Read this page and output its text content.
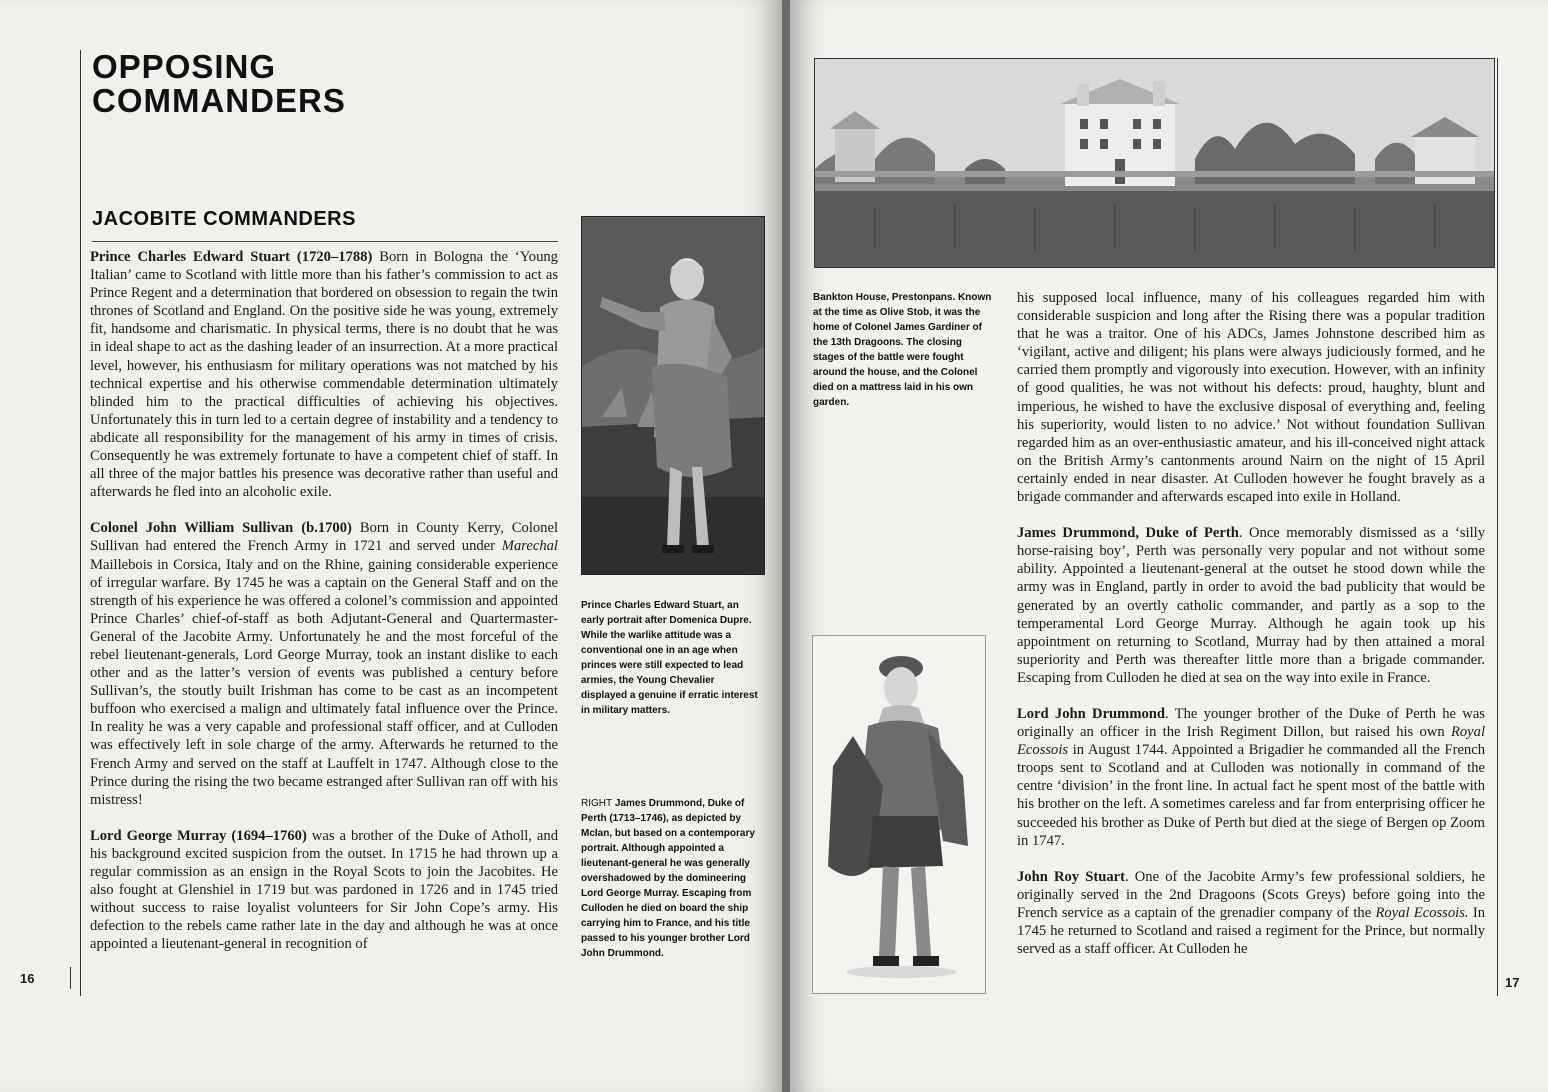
OPPOSING
COMMANDERS
JACOBITE COMMANDERS

Prince Charles Edward Stuart (1720–1788) Born in Bologna the ‘Young Italian’ came to Scotland with little more than his father’s commission to act as Prince Regent and a determination that bordered on obsession to regain the twin thrones of Scotland and England. On the positive side he was young, extremely fit, handsome and charismatic. In physical terms, there is no doubt that he was in ideal shape to act as the dashing leader of an insurrection. At a more practical level, however, his enthusiasm for military operations was not matched by his technical expertise and his otherwise commendable determination ultimately blinded him to the practical difficulties of achieving his objectives. Unfortunately this in turn led to a certain degree of instability and a tendency to abdicate all responsibility for the management of his army in times of crisis. Consequently he was extremely fortunate to have a competent chief of staff. In all three of the major battles his presence was decorative rather than useful and afterwards he fled into an alcoholic exile.

Colonel John William Sullivan (b.1700) Born in County Kerry, Colonel Sullivan had entered the French Army in 1721 and served under Marechal Maillebois in Corsica, Italy and on the Rhine, gaining considerable experience of irregular warfare. By 1745 he was a captain on the General Staff and on the strength of his experience he was offered a colonel’s commission and appointed Prince Charles’ chief-of-staff as both Adjutant-General and Quartermaster-General of the Jacobite Army. Unfortunately he and the most forceful of the rebel lieutenant-generals, Lord George Murray, took an instant dislike to each other and as the latter’s version of events was published a century before Sullivan’s, the stoutly built Irishman has come to be cast as an incompetent buffoon who exercised a malign and ultimately fatal influence over the Prince. In reality he was a very capable and professional staff officer, and at Culloden was effectively left in sole charge of the army. Afterwards he returned to the French Army and served on the staff at Lauffelt in 1747. Although close to the Prince during the rising the two became estranged after Sullivan ran off with his mistress!

Lord George Murray (1694–1760) was a brother of the Duke of Atholl, and his background excited suspicion from the outset. In 1715 he had thrown up a regular commission as an ensign in the Royal Scots to join the Jacobites. He also fought at Glenshiel in 1719 but was pardoned in 1726 and in 1745 tried without success to raise loyalist volunteers for Sir John Cope’s army. His defection to the rebels came rather late in the day and although he was at once appointed a lieutenant-general in recognition of

Prince Charles Edward Stuart, an early portrait after Domenica Dupre. While the warlike attitude was a conventional one in an age when princes were still expected to lead armies, the Young Chevalier displayed a genuine if erratic interest in military matters.
RIGHT James Drummond, Duke of Perth (1713–1746), as depicted by McIan, but based on a contemporary portrait. Although appointed a lieutenant-general he was generally overshadowed by the domineering Lord George Murray. Escaping from Culloden he died on board the ship carrying him to France, and his title passed to his younger brother Lord John Drummond.
16
Bankton House, Prestonpans. Known at the time as Olive Stob, it was the home of Colonel James Gardiner of the 13th Dragoons. The closing stages of the battle were fought around the house, and the Colonel died on a mattress laid in his own garden.

his supposed local influence, many of his colleagues regarded him with considerable suspicion and long after the Rising there was a popular tradition that he was a traitor. One of his ADCs, James Johnstone described him as ‘vigilant, active and diligent; his plans were always judiciously formed, and he carried them promptly and vigorously into execution. However, with an infinity of good qualities, he was not without his defects: proud, haughty, blunt and imperious, he wished to have the exclusive disposal of everything and, feeling his superiority, would listen to no advice.’ Not without foundation Sullivan regarded him as an over-enthusiastic amateur, and his ill-conceived night attack on the British Army’s cantonments around Nairn on the night of 15 April certainly ended in near disaster. At Culloden however he fought bravely as a brigade commander and afterwards escaped into exile in Holland.

James Drummond, Duke of Perth. Once memorably dismissed as a ‘silly horse-raising boy’, Perth was personally very popular and not without some ability. Appointed a lieutenant-general at the outset he stood down while the army was in England, partly in order to avoid the bad publicity that would be generated by an overtly catholic commander, and partly as a sop to the temperamental Lord George Murray. Although he again took up his appointment on returning to Scotland, Murray had by then attained a moral superiority and Perth was thereafter little more than a brigade commander. Escaping from Culloden he died at sea on the way into exile in France.

Lord John Drummond. The younger brother of the Duke of Perth he was originally an officer in the Irish Regiment Dillon, but raised his own Royal Ecossois in August 1744. Appointed a Brigadier he commanded all the French troops sent to Scotland and at Culloden was notionally in command of the centre ‘division’ in the front line. In actual fact he spent most of the battle with his brother on the left. A sometimes careless and far from enterprising officer he succeeded his brother as Duke of Perth but died at the siege of Bergen op Zoom in 1747.

John Roy Stuart. One of the Jacobite Army’s few professional soldiers, he originally served in the 2nd Dragoons (Scots Greys) before going into the French service as a captain of the grenadier company of the Royal Ecossois. In 1745 he returned to Scotland and raised a regiment for the Prince, but normally served as a staff officer. At Culloden he

17
